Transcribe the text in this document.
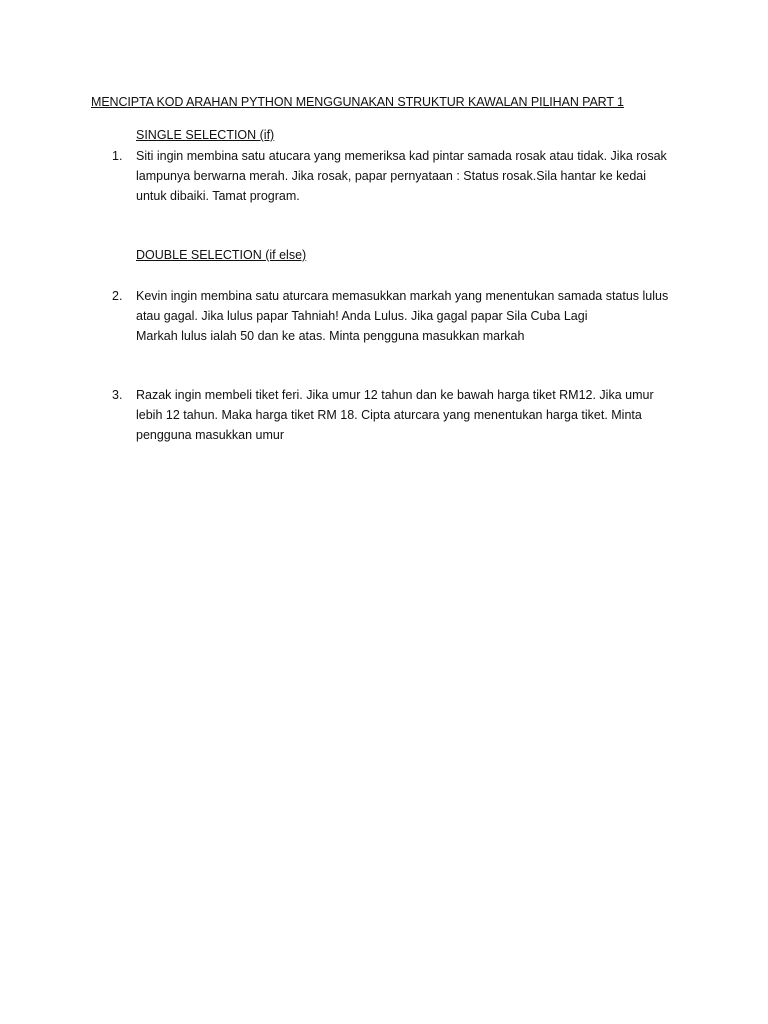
MENCIPTA KOD ARAHAN PYTHON MENGGUNAKAN STRUKTUR KAWALAN PILIHAN PART 1
SINGLE SELECTION (if)
1. Siti ingin membina satu atucara yang memeriksa kad pintar samada rosak atau tidak. Jika rosak
lampunya berwarna merah. Jika rosak, papar pernyataan : Status rosak.Sila hantar ke kedai
untuk dibaiki. Tamat program.
DOUBLE SELECTION (if else)
2. Kevin ingin membina satu aturcara memasukkan markah yang menentukan samada status lulus
atau gagal. Jika lulus papar Tahniah! Anda Lulus. Jika gagal papar Sila Cuba Lagi
Markah lulus ialah 50 dan ke atas. Minta pengguna masukkan markah
3. Razak ingin membeli tiket feri. Jika umur 12 tahun dan ke bawah harga tiket RM12. Jika umur
lebih 12 tahun. Maka harga tiket RM 18. Cipta aturcara yang menentukan harga tiket. Minta
pengguna masukkan umur
